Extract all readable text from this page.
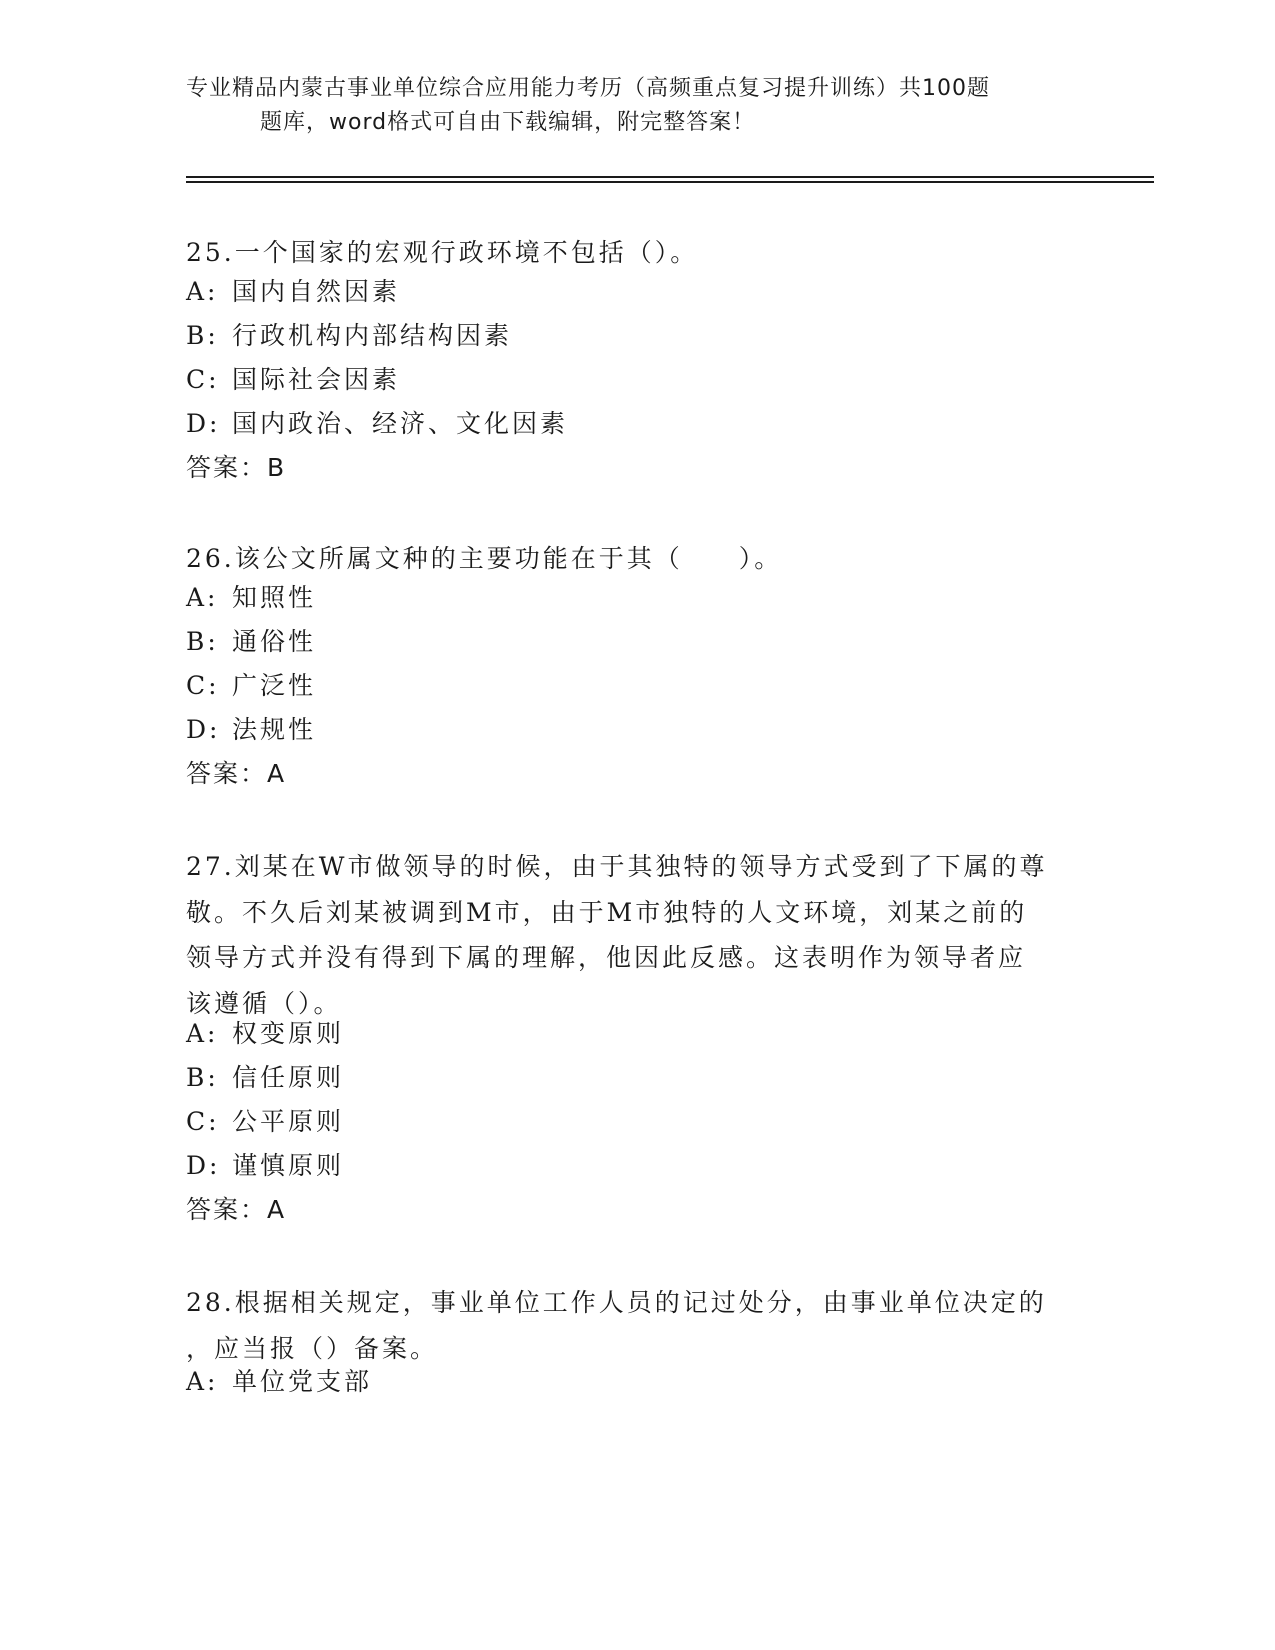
专业精品内蒙古事业单位综合应用能力考历（高频重点复习提升训练）共100题
题库，word格式可自由下载编辑，附完整答案！
25.一个国家的宏观行政环境不包括（）。
A: 国内自然因素
B: 行政机构内部结构因素
C: 国际社会因素
D: 国内政治、经济、文化因素
答案：B
26.该公文所属文种的主要功能在于其（　　）。
A: 知照性
B: 通俗性
C: 广泛性
D: 法规性
答案：A
27.刘某在W市做领导的时候，由于其独特的领导方式受到了下属的尊
敬。不久后刘某被调到M市，由于M市独特的人文环境，刘某之前的
领导方式并没有得到下属的理解，他因此反感。这表明作为领导者应
该遵循（）。
A: 权变原则
B: 信任原则
C: 公平原则
D: 谨慎原则
答案：A
28.根据相关规定，事业单位工作人员的记过处分，由事业单位决定的
，应当报（）备案。
A: 单位党支部
